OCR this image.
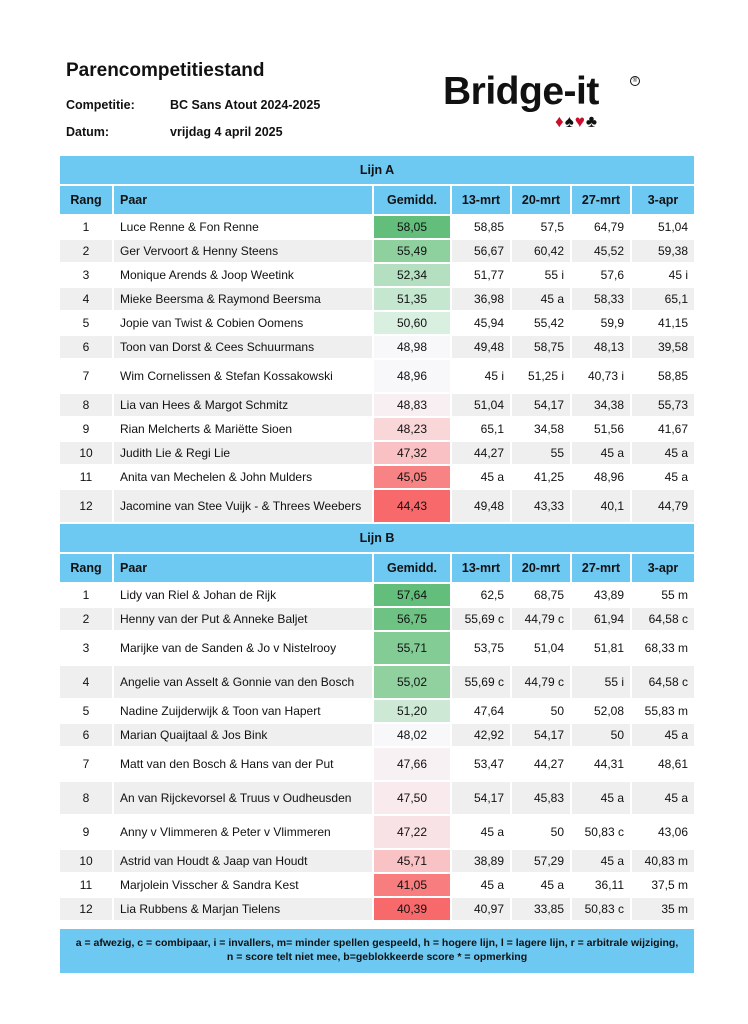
Parencompetitiestand
Competitie:	BC Sans Atout 2024-2025
Datum:	vrijdag 4 april 2025
Bridge-it	®
♦♠♥♣
Lijn A						
Rang	Paar	Gemidd.	13-mrt	20-mrt	27-mrt	3-apr
1	Luce Renne & Fon Renne	58,05	58,85	57,5	64,79	51,04
2	Ger Vervoort & Henny Steens	55,49	56,67	60,42	45,52	59,38
3	Monique Arends & Joop Weetink	52,34	51,77	55 i	57,6	45 i
4	Mieke Beersma & Raymond Beersma	51,35	36,98	45 a	58,33	65,1
5	Jopie van Twist & Cobien Oomens	50,60	45,94	55,42	59,9	41,15
6	Toon van Dorst & Cees Schuurmans	48,98	49,48	58,75	48,13	39,58
7	Wim Cornelissen & Stefan Kossakowski	48,96	45 i	51,25 i	40,73 i	58,85
8	Lia van Hees & Margot Schmitz	48,83	51,04	54,17	34,38	55,73
9	Rian Melcherts & Mariëtte Sioen	48,23	65,1	34,58	51,56	41,67
10	Judith Lie & Regi Lie	47,32	44,27	55	45 a	45 a
11	Anita van Mechelen & John Mulders	45,05	45 a	41,25	48,96	45 a
12	Jacomine van Stee Vuijk - & Threes Weebers	44,43	49,48	43,33	40,1	44,79
Lijn B						
Rang	Paar	Gemidd.	13-mrt	20-mrt	27-mrt	3-apr
1	Lidy van Riel & Johan de Rijk	57,64	62,5	68,75	43,89	55 m
2	Henny van der Put & Anneke Baljet	56,75	55,69 c	44,79 c	61,94	64,58 c
3	Marijke van de Sanden & Jo v Nistelrooy	55,71	53,75	51,04	51,81	68,33 m
4	Angelie van Asselt & Gonnie van den Bosch	55,02	55,69 c	44,79 c	55 i	64,58 c
5	Nadine Zuijderwijk & Toon van Hapert	51,20	47,64	50	52,08	55,83 m
6	Marian Quaijtaal & Jos Bink	48,02	42,92	54,17	50	45 a
7	Matt van den Bosch & Hans van der Put	47,66	53,47	44,27	44,31	48,61
8	An van Rijckevorsel & Truus v Oudheusden	47,50	54,17	45,83	45 a	45 a
9	Anny v Vlimmeren & Peter v Vlimmeren	47,22	45 a	50	50,83 c	43,06
10	Astrid van Houdt & Jaap van Houdt	45,71	38,89	57,29	45 a	40,83 m
11	Marjolein Visscher & Sandra Kest	41,05	45 a	45 a	36,11	37,5 m
12	Lia Rubbens & Marjan Tielens	40,39	40,97	33,85	50,83 c	35 m
a = afwezig, c = combipaar, i = invallers, m= minder spellen gespeeld, h = hogere lijn, l = lagere lijn, r = arbitrale wijziging, n = score telt niet mee, b=geblokkeerde score * = opmerking
